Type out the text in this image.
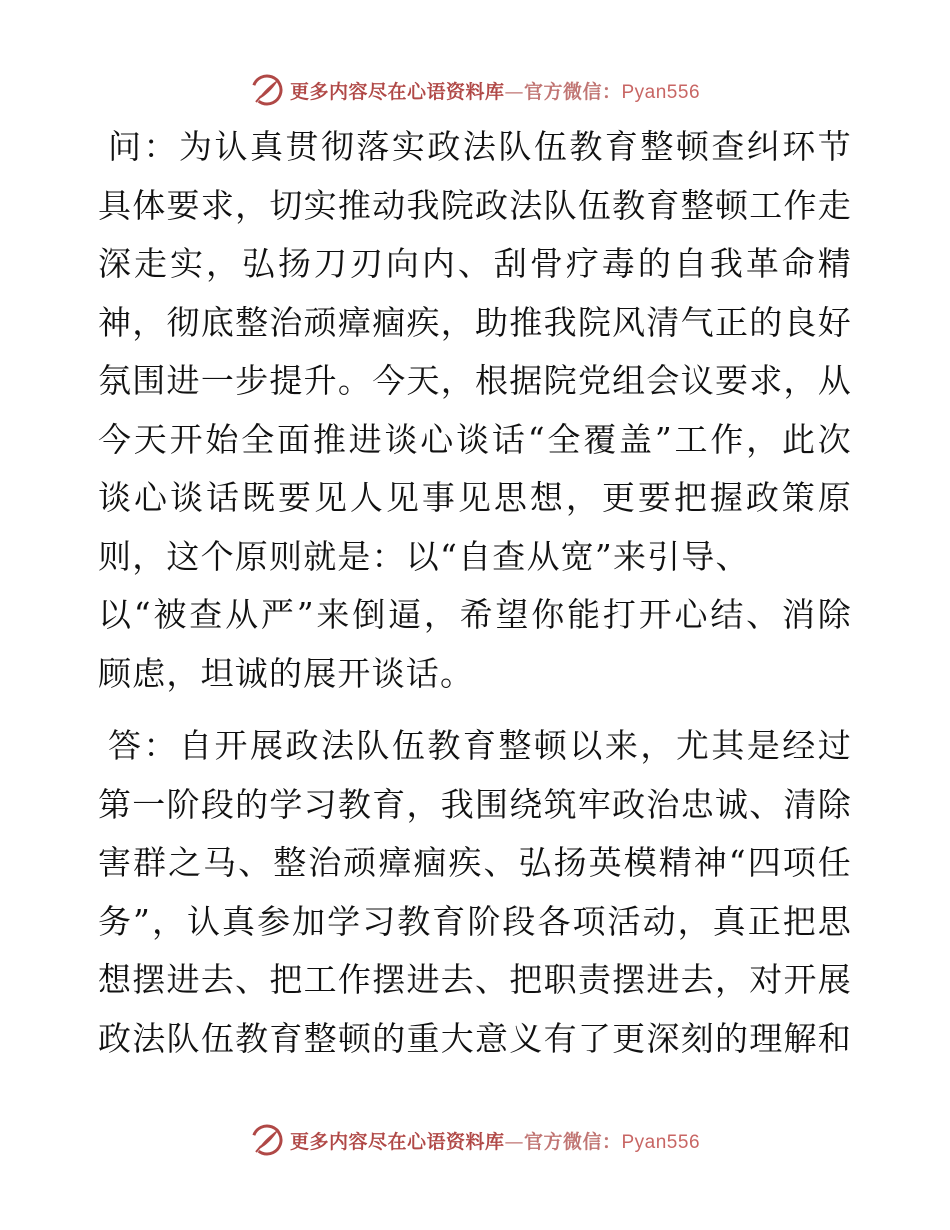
更多内容尽在心语资料库—官方微信：Pyan556

问：为认真贯彻落实政法队伍教育整顿查纠环节
具体要求，切实推动我院政法队伍教育整顿工作走
深走实，弘扬刀刃向内、刮骨疗毒的自我革命精
神，彻底整治顽瘴痼疾，助推我院风清气正的良好
氛围进一步提升。今天，根据院党组会议要求，从
今天开始全面推进谈心谈话“全覆盖”工作，此次
谈心谈话既要见人见事见思想，更要把握政策原
则，这个原则就是：以“自查从宽”来引导、
以“被查从严”来倒逼，希望你能打开心结、消除
顾虑，坦诚的展开谈话。

答：自开展政法队伍教育整顿以来，尤其是经过
第一阶段的学习教育，我围绕筑牢政治忠诚、清除
害群之马、整治顽瘴痼疾、弘扬英模精神“四项任
务”，认真参加学习教育阶段各项活动，真正把思
想摆进去、把工作摆进去、把职责摆进去，对开展
政法队伍教育整顿的重大意义有了更深刻的理解和

更多内容尽在心语资料库—官方微信：Pyan556
